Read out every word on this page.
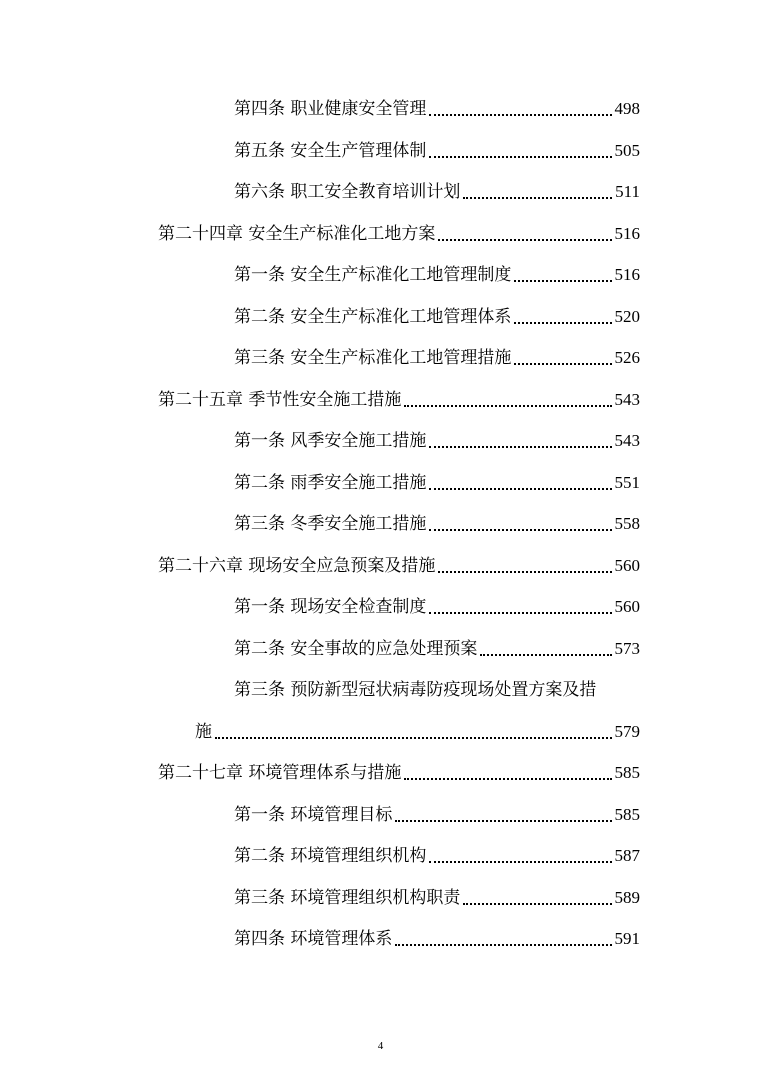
第四条 职业健康安全管理	498
第五条 安全生产管理体制	505
第六条 职工安全教育培训计划	511
第二十四章 安全生产标准化工地方案	516
第一条 安全生产标准化工地管理制度	516
第二条 安全生产标准化工地管理体系	520
第三条 安全生产标准化工地管理措施	526
第二十五章 季节性安全施工措施	543
第一条 风季安全施工措施	543
第二条 雨季安全施工措施	551
第三条 冬季安全施工措施	558
第二十六章 现场安全应急预案及措施	560
第一条 现场安全检查制度	560
第二条 安全事故的应急处理预案	573
第三条 预防新型冠状病毒防疫现场处置方案及措
施	579
第二十七章 环境管理体系与措施	585
第一条 环境管理目标	585
第二条 环境管理组织机构	587
第三条 环境管理组织机构职责	589
第四条 环境管理体系	591
4
